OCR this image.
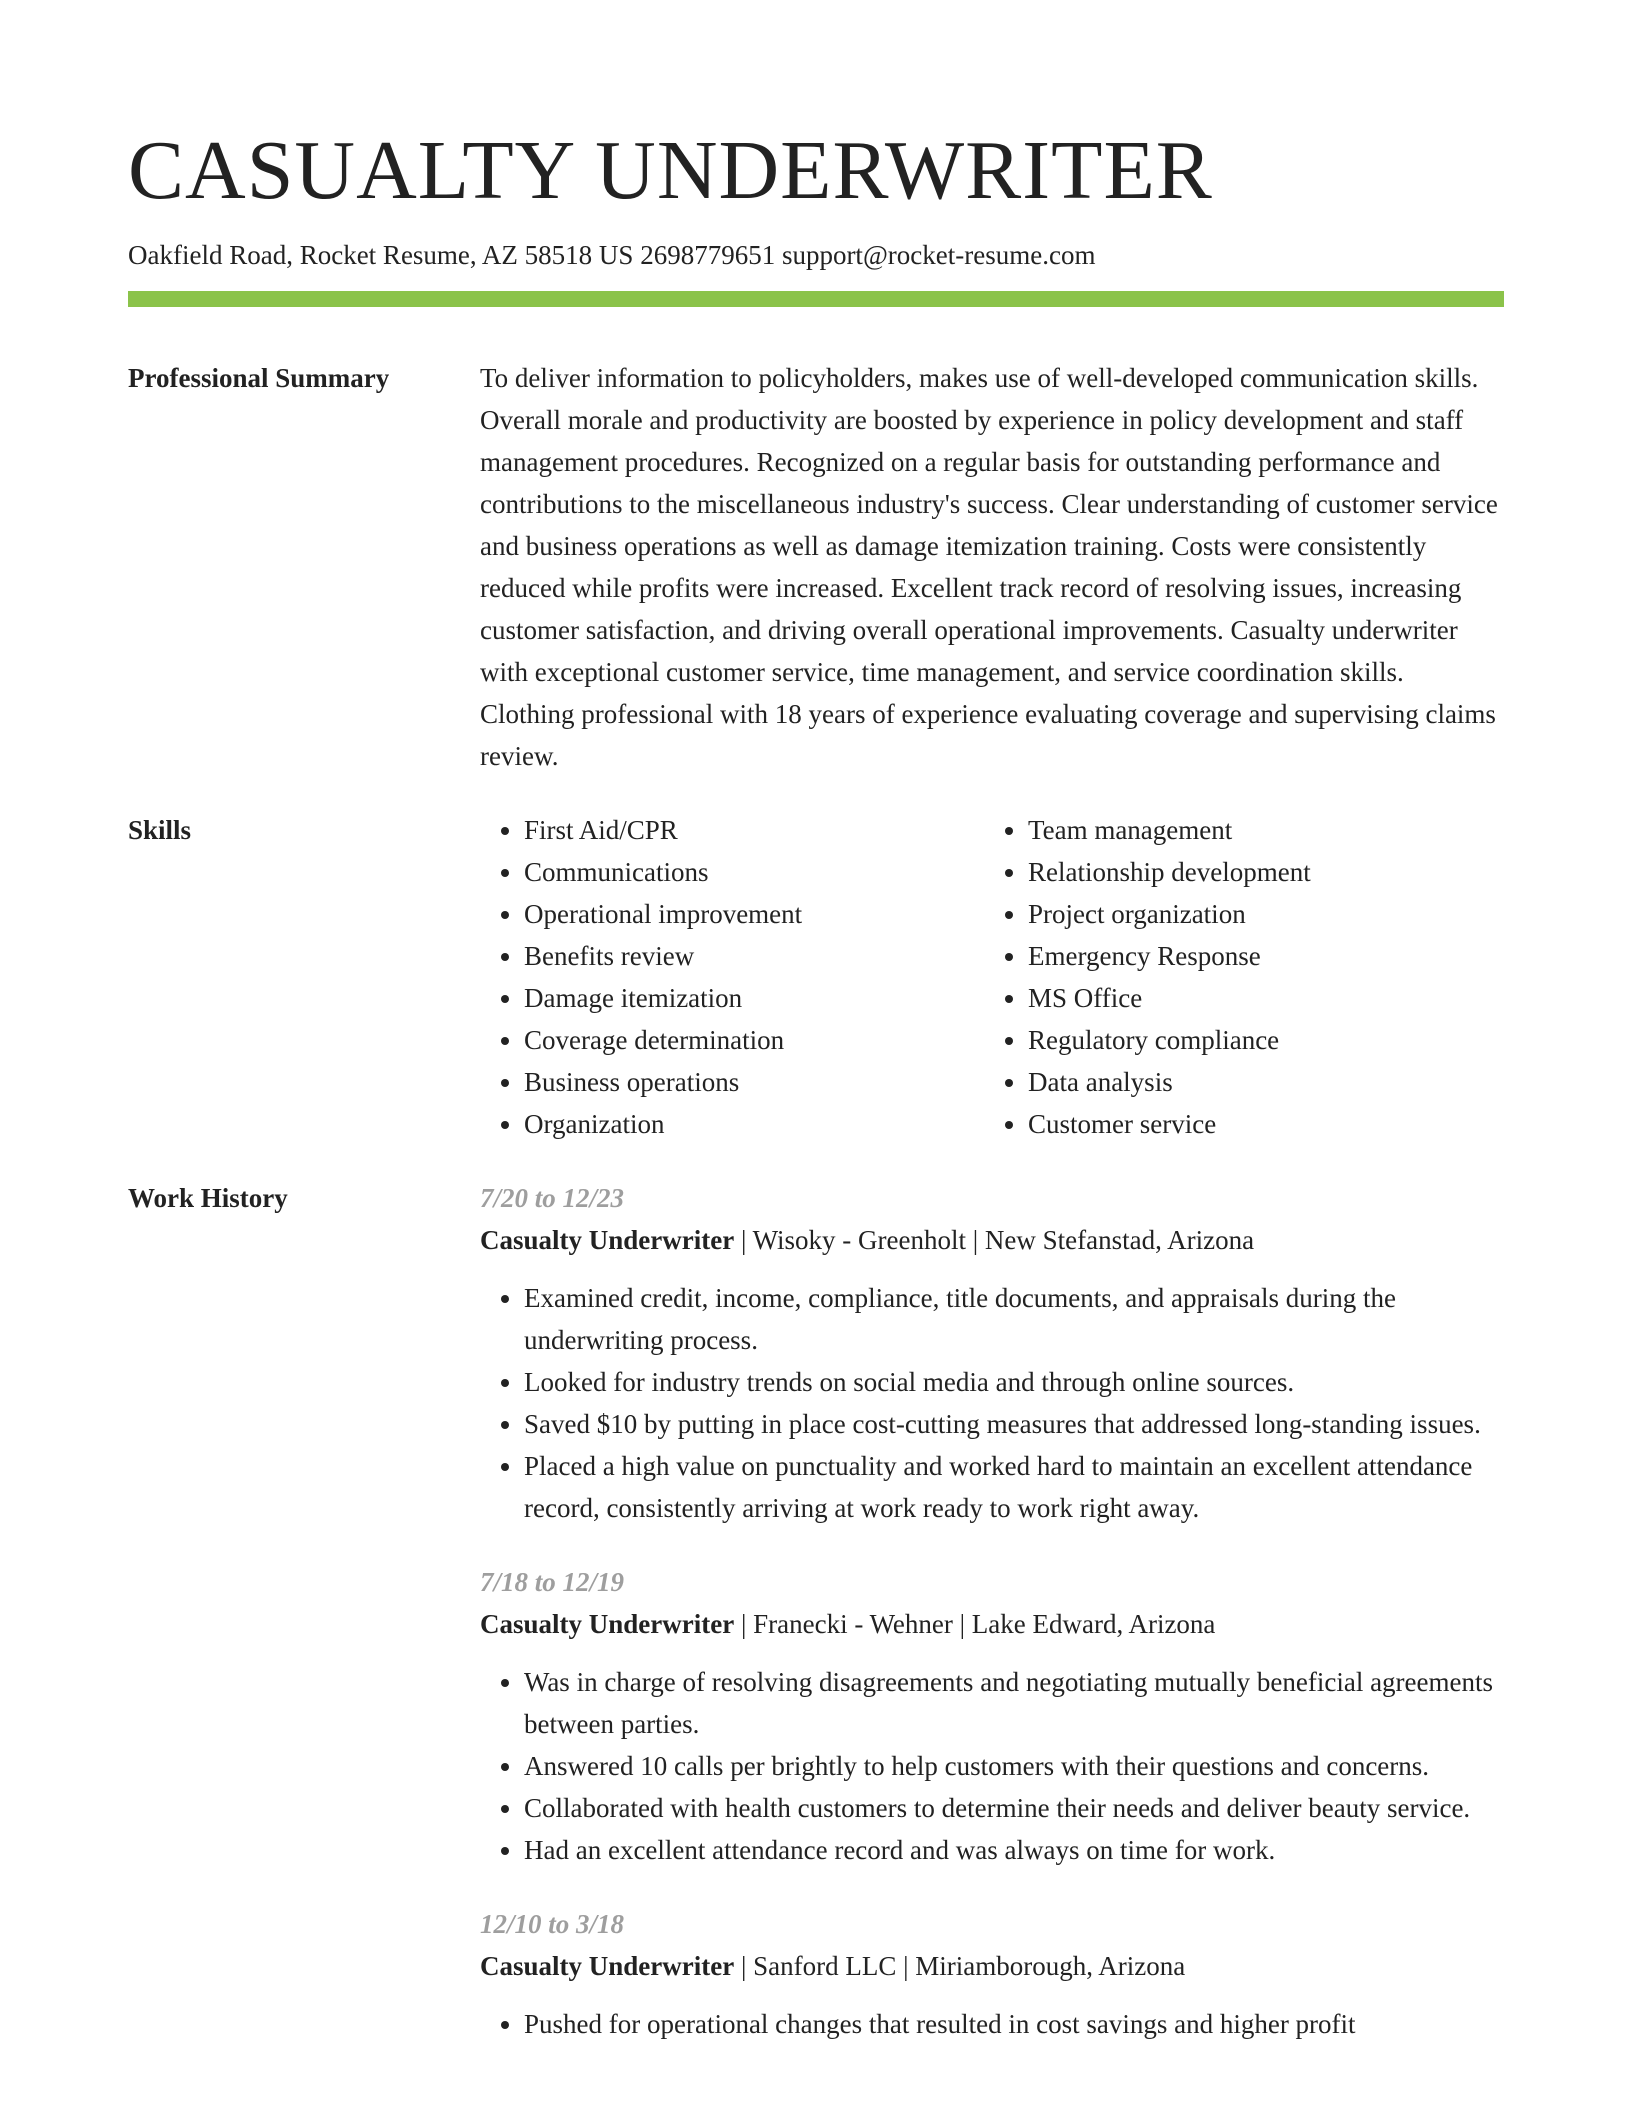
CASUALTY UNDERWRITER
Oakfield Road, Rocket Resume, AZ 58518 US 2698779651 support@rocket-resume.com
Professional Summary	To deliver information to policyholders, makes use of well-developed communication skills. Overall morale and productivity are boosted by experience in policy development and staff management procedures. Recognized on a regular basis for outstanding performance and contributions to the miscellaneous industry's success. Clear understanding of customer service and business operations as well as damage itemization training. Costs were consistently reduced while profits were increased. Excellent track record of resolving issues, increasing customer satisfaction, and driving overall operational improvements. Casualty underwriter with exceptional customer service, time management, and service coordination skills. Clothing professional with 18 years of experience evaluating coverage and supervising claims review.

Skills
•	First Aid/CPR
• Communications
• Operational improvement
• Benefits review
• Damage itemization
• Coverage determination
• Business operations
• Organization
• Team management
• Relationship development
• Project organization
• Emergency Response
• MS Office
• Regulatory compliance
• Data analysis
• Customer service
Work History	7/20 to 12/23
Casualty Underwriter | Wisoky - Greenholt | New Stefanstad, Arizona
• Examined credit, income, compliance, title documents, and appraisals during the underwriting process.
• Looked for industry trends on social media and through online sources.
• Saved $10 by putting in place cost-cutting measures that addressed long-standing issues.
• Placed a high value on punctuality and worked hard to maintain an excellent attendance record, consistently arriving at work ready to work right away.
7/18 to 12/19
Casualty Underwriter | Franecki - Wehner | Lake Edward, Arizona
• Was in charge of resolving disagreements and negotiating mutually beneficial agreements between parties.
• Answered 10 calls per brightly to help customers with their questions and concerns.
• Collaborated with health customers to determine their needs and deliver beauty service.
• Had an excellent attendance record and was always on time for work.
12/10 to 3/18
Casualty Underwriter | Sanford LLC | Miriamborough, Arizona
• Pushed for operational changes that resulted in cost savings and higher profit
